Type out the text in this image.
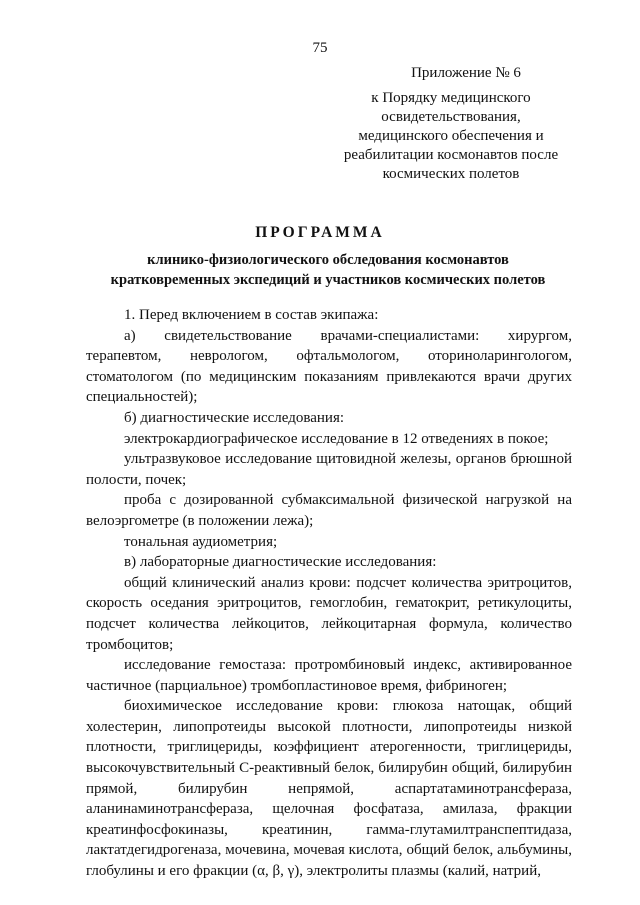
75
Приложение № 6
к Порядку медицинского освидетельствования, медицинского обеспечения и реабилитации космонавтов после космических полетов
ПРОГРАММА
клинико-физиологического обследования космонавтов
кратковременных экспедиций и участников космических полетов

1. Перед включением в состав экипажа:

а) свидетельствование врачами-специалистами: хирургом, терапевтом, неврологом, офтальмологом, оториноларингологом, стоматологом (по медицинским показаниям привлекаются врачи других специальностей);

б) диагностические исследования:

электрокардиографическое исследование в 12 отведениях в покое;

ультразвуковое исследование щитовидной железы, органов брюшной полости, почек;

проба с дозированной субмаксимальной физической нагрузкой на велоэргометре (в положении лежа);

тональная аудиометрия;

в) лабораторные диагностические исследования:

общий клинический анализ крови: подсчет количества эритроцитов, скорость оседания эритроцитов, гемоглобин, гематокрит, ретикулоциты, подсчет количества лейкоцитов, лейкоцитарная формула, количество тромбоцитов;

исследование гемостаза: протромбиновый индекс, активированное частичное (парциальное) тромбопластиновое время, фибриноген;

биохимическое исследование крови: глюкоза натощак, общий холестерин, липопротеиды высокой плотности, липопротеиды низкой плотности, триглицериды, коэффициент атерогенности, триглицериды, высокочувствительный С-реактивный белок, билирубин общий, билирубин прямой, билирубин непрямой, аспартатаминотрансфераза, аланинаминотрансфераза, щелочная фосфатаза, амилаза, фракции креатинфосфокиназы, креатинин, гамма-глутамилтранспептидаза, лактатдегидрогеназа, мочевина, мочевая кислота, общий белок, альбумины, глобулины и его фракции (α, β, γ), электролиты плазмы (калий, натрий,
